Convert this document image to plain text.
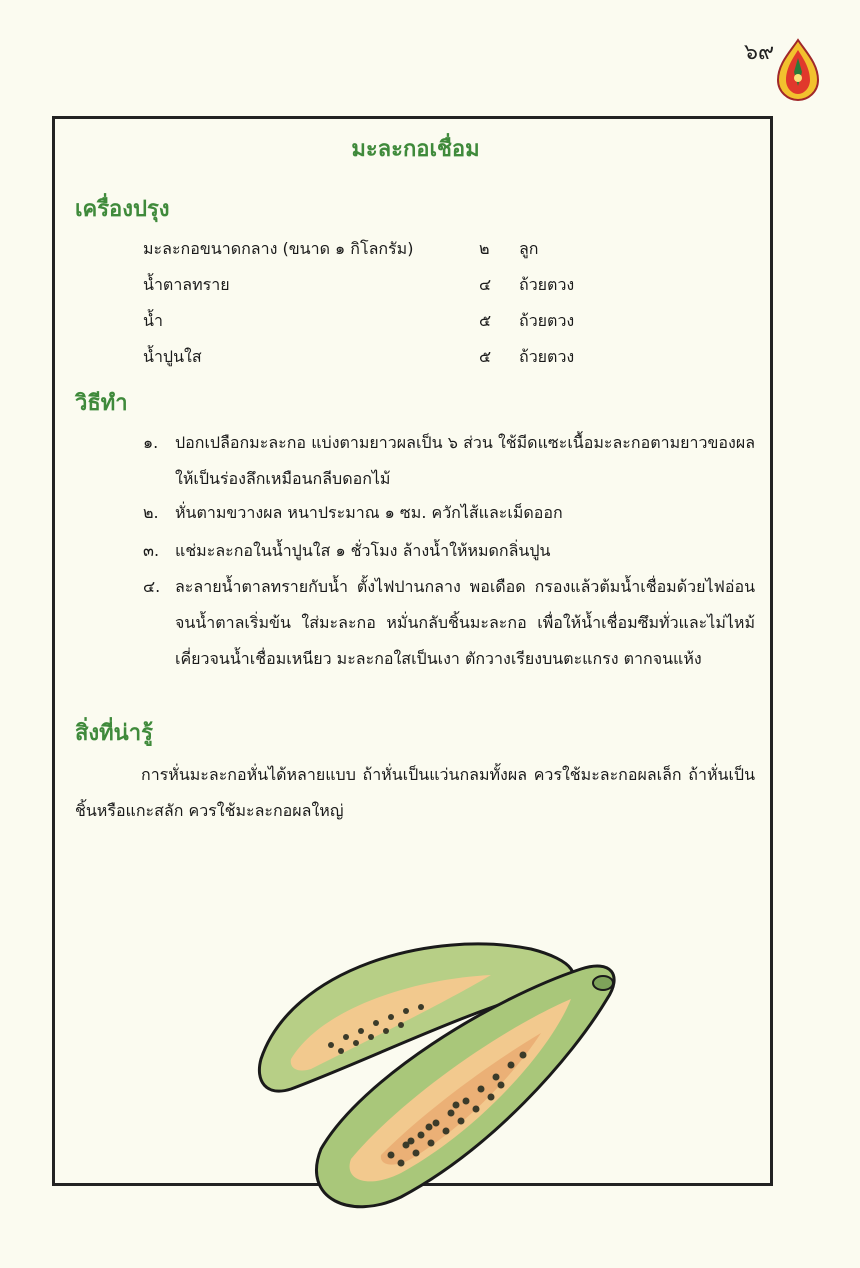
๖๙
มะละกอเชื่อม
เครื่องปรุง
มะละกอขนาดกลาง (ขนาด ๑ กิโลกรัม)	๒ ลูก
น้ำตาลทราย	๔ ถ้วยตวง
น้ำ	๕ ถ้วยตวง
น้ำปูนใส	๕ ถ้วยตวง
วิธีทำ
๑. ปอกเปลือกมะละกอ แบ่งตามยาวผลเป็น ๖ ส่วน ใช้มีดแซะเนื้อมะละกอตามยาวของผลให้เป็นร่องลึกเหมือนกลีบดอกไม้
๒. หั่นตามขวางผล หนาประมาณ ๑ ซม. ควักไส้และเม็ดออก
๓. แช่มะละกอในน้ำปูนใส ๑ ชั่วโมง ล้างน้ำให้หมดกลิ่นปูน
๔. ละลายน้ำตาลทรายกับน้ำ ตั้งไฟปานกลาง พอเดือด กรองแล้วต้มน้ำเชื่อมด้วยไฟอ่อนจนน้ำตาลเริ่มข้น ใส่มะละกอ หมั่นกลับชิ้นมะละกอ เพื่อให้น้ำเชื่อมซึมทั่วและไม่ไหม้ เคี่ยวจนน้ำเชื่อมเหนียว มะละกอใสเป็นเงา ตักวางเรียงบนตะแกรง ตากจนแห้ง
สิ่งที่น่ารู้
การหั่นมะละกอหั่นได้หลายแบบ ถ้าหั่นเป็นแว่นกลมทั้งผล ควรใช้มะละกอผลเล็ก ถ้าหั่นเป็นชิ้นหรือแกะสลัก ควรใช้มะละกอผลใหญ่
